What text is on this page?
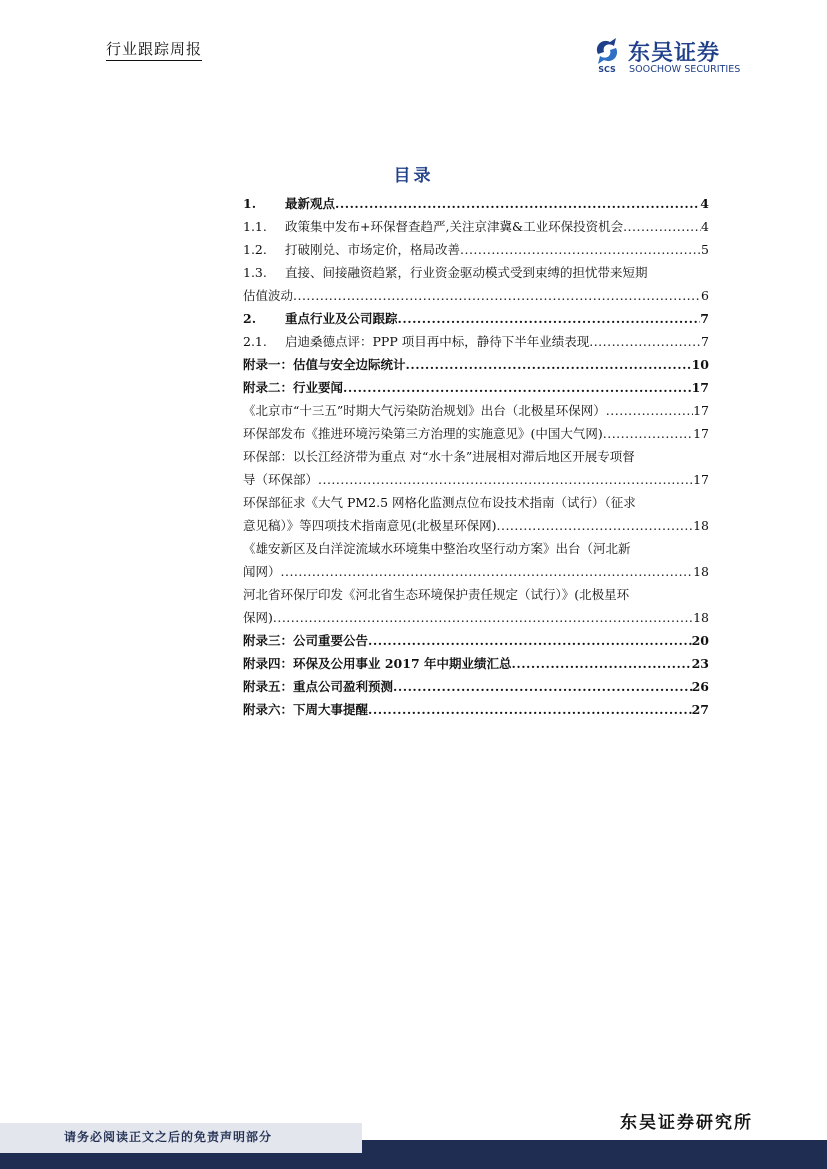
行业跟踪周报
SCS
东吴证券
SOOCHOW SECURITIES
目录
1.	最新观点 .....	4
1.1.	政策集中发布+环保督查趋严,关注京津冀&工业环保投资机会 .....	4
1.2.	打破刚兑、市场定价，格局改善 .....	5
1.3.	直接、间接融资趋紧，行业资金驱动模式受到束缚的担忧带来短期
估值波动 .....	6
2.	重点行业及公司跟踪 .....	7
2.1.	启迪桑德点评：PPP 项目再中标，静待下半年业绩表现 .....	7
附录一：估值与安全边际统计 .....	10
附录二：行业要闻 .....	17
《北京市“十三五”时期大气污染防治规划》出台（北极星环保网） .....	17
环保部发布《推进环境污染第三方治理的实施意见》(中国大气网) .....	17
环保部：以长江经济带为重点 对“水十条”进展相对滞后地区开展专项督
导（环保部） .....	17
环保部征求《大气 PM2.5 网格化监测点位布设技术指南（试行）（征求
意见稿）》等四项技术指南意见(北极星环保网) .....	18
《雄安新区及白洋淀流域水环境集中整治攻坚行动方案》出台（河北新
闻网） .....	18
河北省环保厅印发《河北省生态环境保护责任规定（试行）》(北极星环
保网) .....	18
附录三：公司重要公告 .....	20
附录四：环保及公用事业 2017 年中期业绩汇总 .....	23
附录五：重点公司盈利预测 .....	26
附录六：下周大事提醒 .....	27
请务必阅读正文之后的免责声明部分
东吴证券研究所
